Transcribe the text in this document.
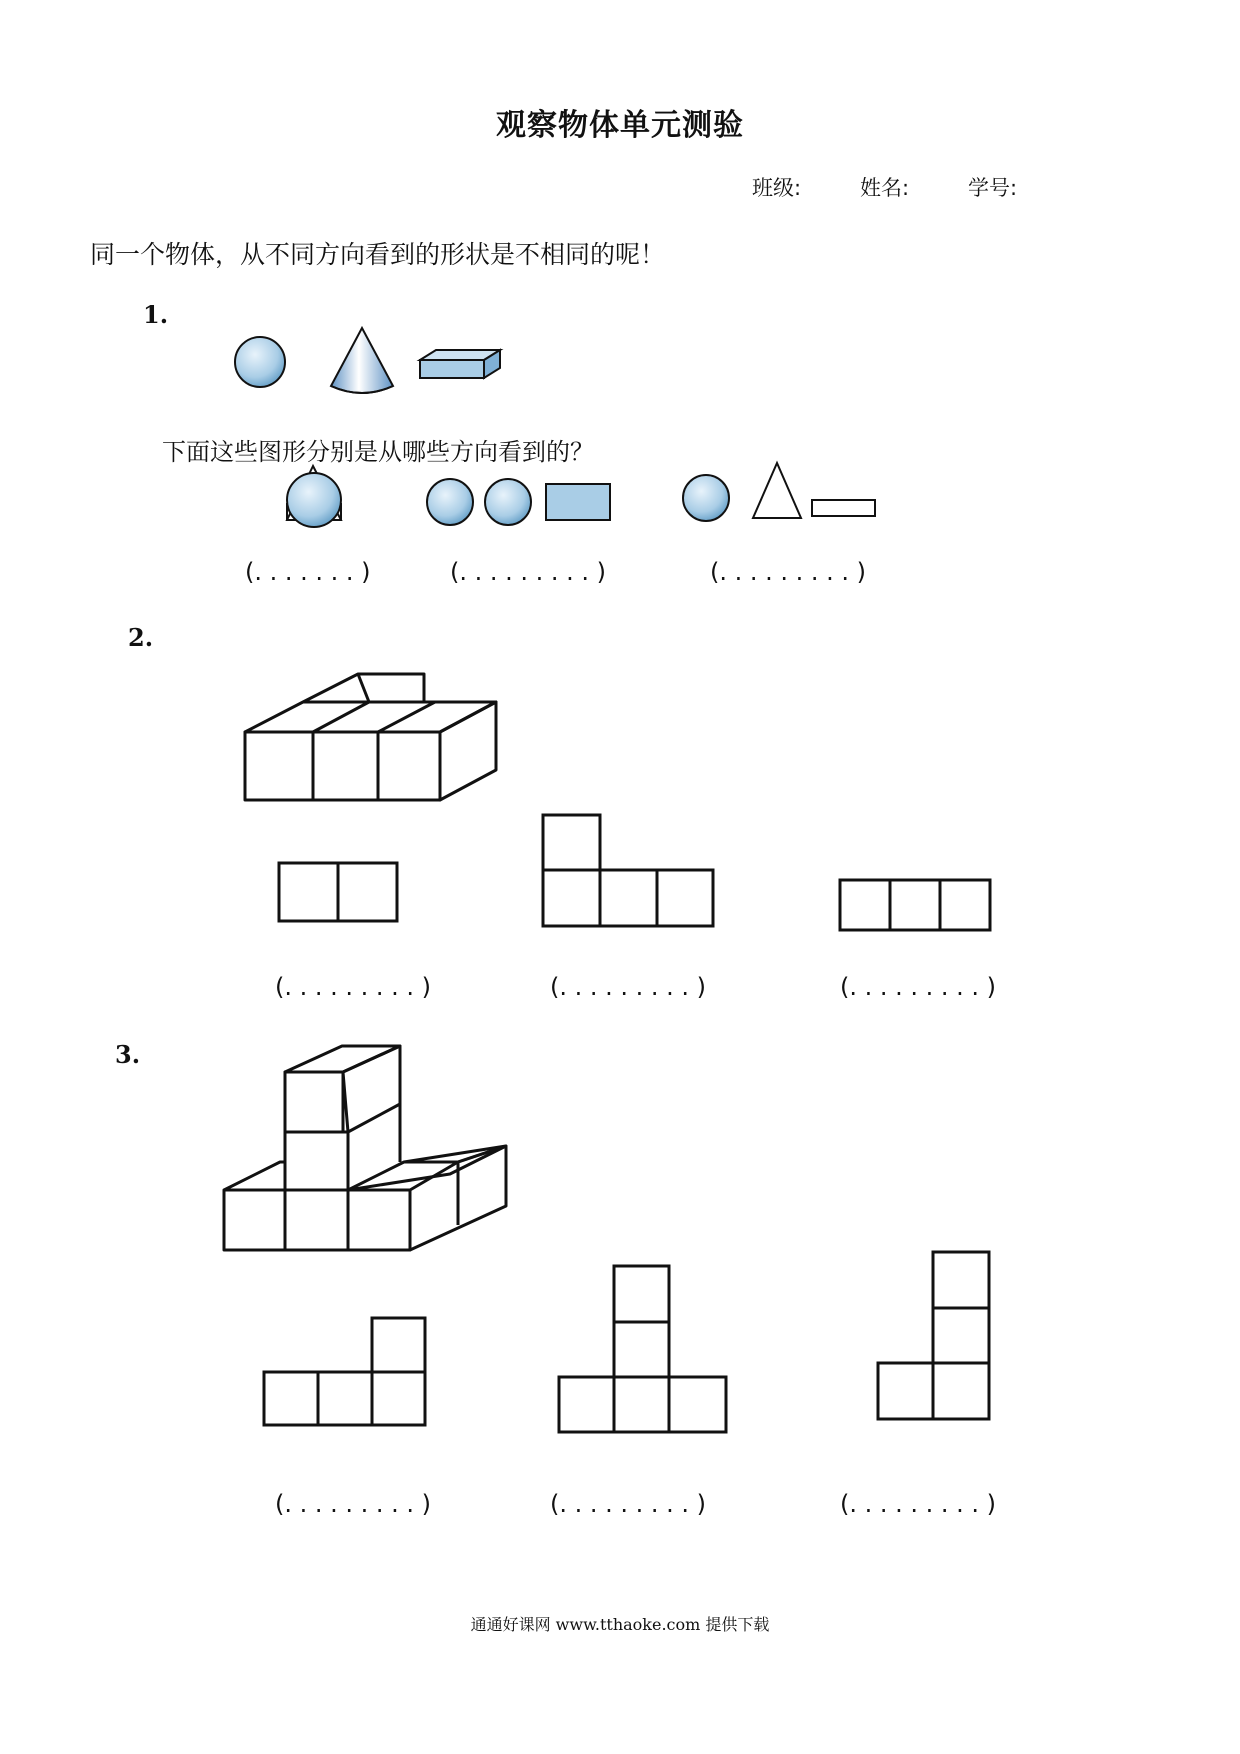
观察物体单元测验
班级:	姓名:	学号:
同一个物体，从不同方向看到的形状是不相同的呢！
1.
2.
3.
下面这些图形分别是从哪些方向看到的？
(. . . . . . . )	(. . . . . . . . . )	(. . . . . . . . . )
(. . . . . . . . . )	(. . . . . . . . . )	(. . . . . . . . . )
(. . . . . . . . . )	(. . . . . . . . . )	(. . . . . . . . . )
通通好课网 www.tthaoke.com 提供下载
